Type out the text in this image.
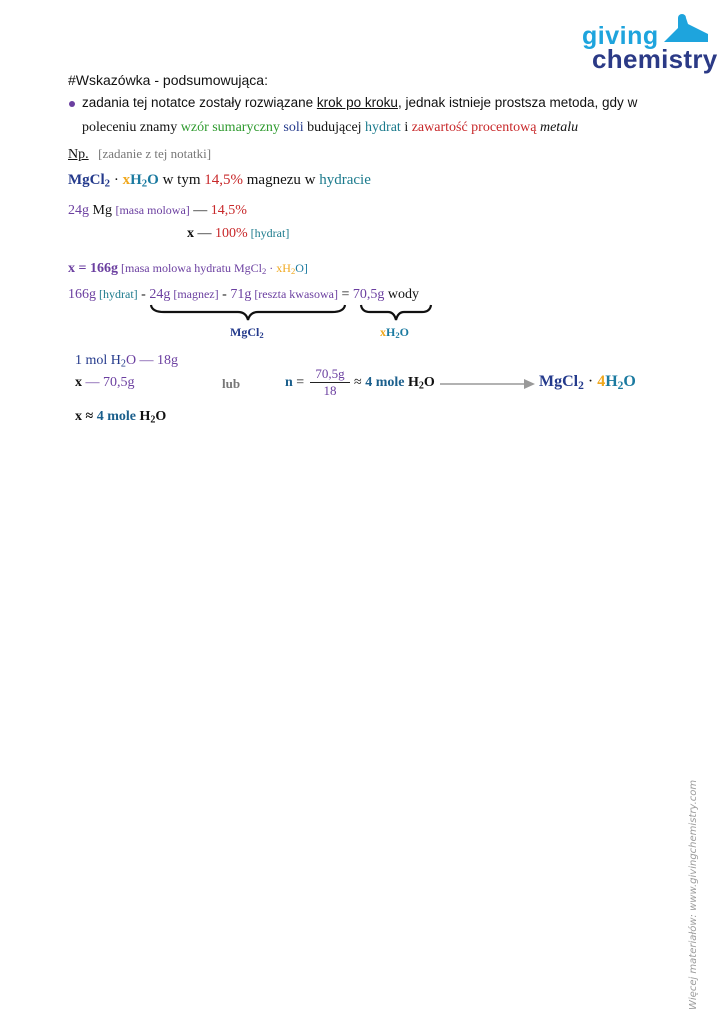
giving
chemistry
#Wskazówka - podsumowująca:
zadania tej notatce zostały rozwiązane krok po kroku, jednak istnieje prostsza metoda, gdy w
poleceniu znamy wzór sumaryczny soli budującej hydrat i zawartość procentową metalu
Np. [zadanie z tej notatki]
MgCl$_2$ · $xH_2O$ w tym 14,5% magnezu w hydracie
24g Mg [masa molowa] — 14,5%
x — 100% [hydrat]
x = 166g [masa molowa hydratu MgCl$_2$ · $xH_2O$]
166g [hydrat] - 24g [magnez] - 71g [reszta kwasowa] = 70,5g wody
MgCl$_2$	$xH_2O$
1 mol $H_2O$ — 18g
x — 70,5g	lub	n =
70,5g
18
≈ 4 mole $H_2O$	MgCl$_2$ · $4H_2O$
x ≈ 4 mole $H_2O$
Więcej materiałów: www.givingchemistry.com
